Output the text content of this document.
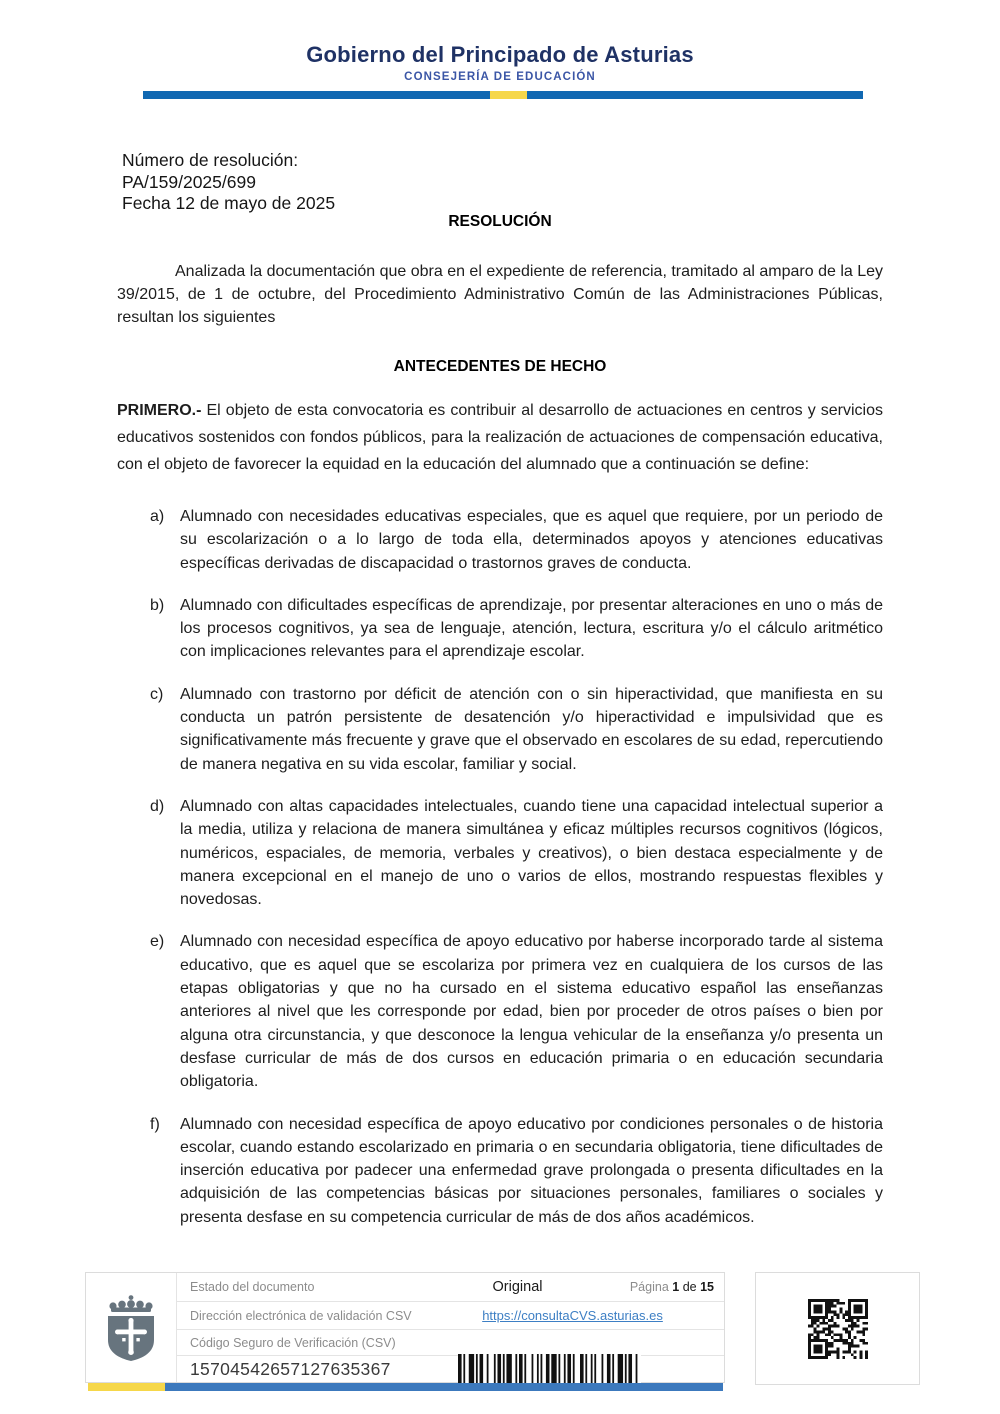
Gobierno del Principado de Asturias
CONSEJERÍA DE EDUCACIÓN
Número de resolución:
PA/159/2025/699
Fecha 12 de mayo de 2025
RESOLUCIÓN

Analizada la documentación que obra en el expediente de referencia, tramitado al amparo de la Ley 39/2015, de 1 de octubre, del Procedimiento Administrativo Común de las Administraciones Públicas, resultan los siguientes

ANTECEDENTES DE HECHO

PRIMERO.- El objeto de esta convocatoria es contribuir al desarrollo de actuaciones en centros y servicios educativos sostenidos con fondos públicos, para la realización de actuaciones de compensación educativa, con el objeto de favorecer la equidad en la educación del alumnado que a continuación se define:

a) Alumnado con necesidades educativas especiales, que es aquel que requiere, por un periodo de su escolarización o a lo largo de toda ella, determinados apoyos y atenciones educativas específicas derivadas de discapacidad o trastornos graves de conducta.
b) Alumnado con dificultades específicas de aprendizaje, por presentar alteraciones en uno o más de los procesos cognitivos, ya sea de lenguaje, atención, lectura, escritura y/o el cálculo aritmético con implicaciones relevantes para el aprendizaje escolar.
c)	Alumnado con trastorno por déficit de atención con o sin hiperactividad, que manifiesta en su conducta un patrón persistente de desatención y/o hiperactividad e impulsividad que es significativamente más frecuente y grave que el observado en escolares de su edad, repercutiendo de manera negativa en su vida escolar, familiar y social.
d) Alumnado con altas capacidades intelectuales, cuando tiene una capacidad intelectual superior a la media, utiliza y relaciona de manera simultánea y eficaz múltiples recursos cognitivos (lógicos, numéricos, espaciales, de memoria, verbales y creativos), o bien destaca especialmente y de manera excepcional en el manejo de uno o varios de ellos, mostrando respuestas flexibles y novedosas.
e) Alumnado con necesidad específica de apoyo educativo por haberse incorporado tarde al sistema educativo, que es aquel que se escolariza por primera vez en cualquiera de los cursos de las etapas obligatorias y que no ha cursado en el sistema educativo español las enseñanzas anteriores al nivel que les corresponde por edad, bien por proceder de otros países o bien por alguna otra circunstancia, y que desconoce la lengua vehicular de la enseñanza y/o presenta un desfase curricular de más de dos cursos en educación primaria o en educación secundaria obligatoria.
f)	Alumnado con necesidad específica de apoyo educativo por condiciones personales o de historia escolar, cuando estando escolarizado en primaria o en secundaria obligatoria, tiene dificultades de inserción educativa por padecer una enfermedad grave prolongada o presenta dificultades en la adquisición de las competencias básicas por situaciones personales, familiares o sociales y presenta desfase en su competencia curricular de más de dos años académicos.
Estado del documento	Original	Página 1 de 15
Dirección electrónica de validación CSV	https://consultaCVS.asturias.es
Código Seguro de Verificación (CSV)
15704542657127635367
